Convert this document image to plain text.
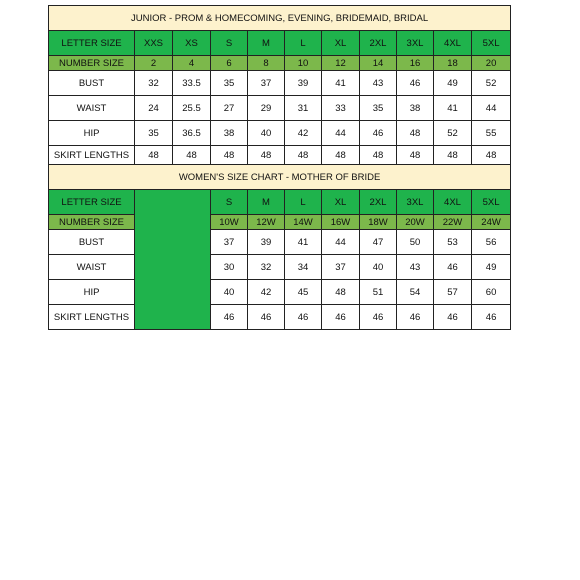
JUNIOR - PROM & HOMECOMING, EVENING, BRIDEMAID, BRIDAL										
LETTER SIZE	XXS	XS	S	M	L	XL	2XL	3XL	4XL	5XL
NUMBER SIZE	2	4	6	8	10	12	14	16	18	20
BUST	32	33.5	35	37	39	41	43	46	49	52
WAIST	24	25.5	27	29	31	33	35	38	41	44
HIP	35	36.5	38	40	42	44	46	48	52	55
SKIRT LENGTHS	48	48	48	48	48	48	48	48	48	48
WOMEN'S SIZE CHART - MOTHER OF BRIDE										
LETTER SIZE			S	M	L	XL	2XL	3XL	4XL	5XL
NUMBER SIZE			10W	12W	14W	16W	18W	20W	22W	24W
BUST			37	39	41	44	47	50	53	56
WAIST			30	32	34	37	40	43	46	49
HIP			40	42	45	48	51	54	57	60
SKIRT LENGTHS			46	46	46	46	46	46	46	46
